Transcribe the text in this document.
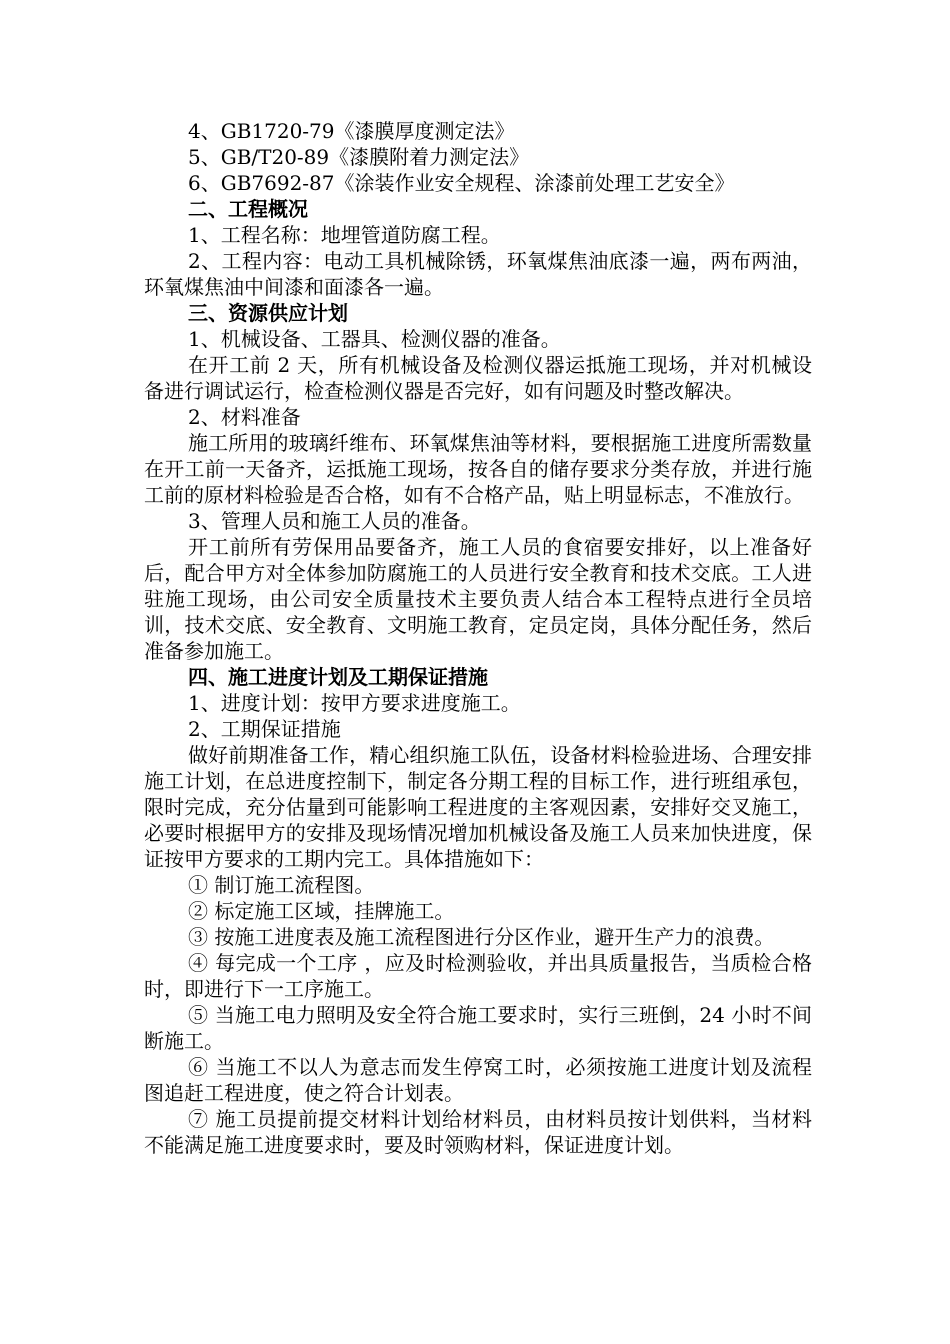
4、GB1720-79《漆膜厚度测定法》

5、GB/T20-89《漆膜附着力测定法》

6、GB7692-87《涂装作业安全规程、涂漆前处理工艺安全》

二、工程概况

1、工程名称：地埋管道防腐工程。

2、工程内容：电动工具机械除锈，环氧煤焦油底漆一遍，两布两油，环氧煤焦油中间漆和面漆各一遍。

三、资源供应计划

1、机械设备、工器具、检测仪器的准备。

在开工前 2 天，所有机械设备及检测仪器运抵施工现场，并对机械设备进行调试运行，检查检测仪器是否完好，如有问题及时整改解决。

2、材料准备

施工所用的玻璃纤维布、环氧煤焦油等材料，要根据施工进度所需数量在开工前一天备齐，运抵施工现场，按各自的储存要求分类存放，并进行施工前的原材料检验是否合格，如有不合格产品，贴上明显标志，不准放行。

3、管理人员和施工人员的准备。

开工前所有劳保用品要备齐，施工人员的食宿要安排好，以上准备好后，配合甲方对全体参加防腐施工的人员进行安全教育和技术交底。工人进驻施工现场，由公司安全质量技术主要负责人结合本工程特点进行全员培训，技术交底、安全教育、文明施工教育，定员定岗，具体分配任务，然后准备参加施工。

四、施工进度计划及工期保证措施

1、进度计划：按甲方要求进度施工。

2、工期保证措施

做好前期准备工作，精心组织施工队伍，设备材料检验进场、合理安排施工计划，在总进度控制下，制定各分期工程的目标工作，进行班组承包，限时完成，充分估量到可能影响工程进度的主客观因素，安排好交叉施工，必要时根据甲方的安排及现场情况增加机械设备及施工人员来加快进度，保证按甲方要求的工期内完工。具体措施如下：

① 制订施工流程图。

② 标定施工区域，挂牌施工。

③ 按施工进度表及施工流程图进行分区作业，避开生产力的浪费。

④ 每完成一个工序 ，应及时检测验收，并出具质量报告，当质检合格时，即进行下一工序施工。

⑤ 当施工电力照明及安全符合施工要求时，实行三班倒，24 小时不间断施工。

⑥ 当施工不以人为意志而发生停窝工时，必须按施工进度计划及流程图追赶工程进度，使之符合计划表。

⑦ 施工员提前提交材料计划给材料员，由材料员按计划供料，当材料不能满足施工进度要求时，要及时领购材料，保证进度计划。
